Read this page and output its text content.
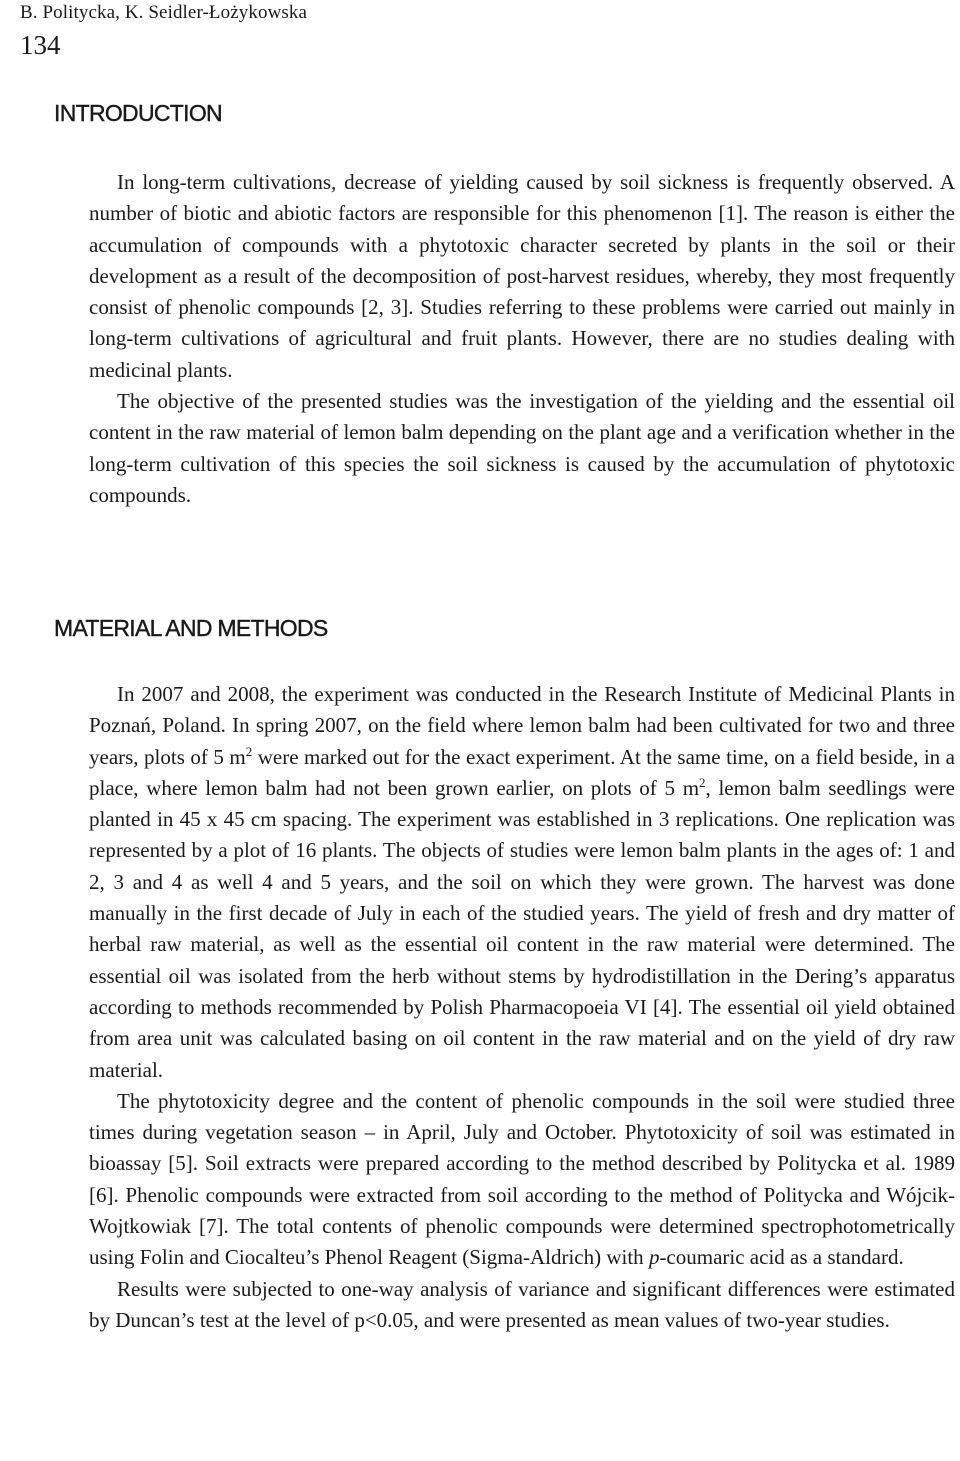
B. Politycka, K. Seidler-Łożykowska
134
INTRODUCTION

In long-term cultivations, decrease of yielding caused by soil sickness is frequently observed. A number of biotic and abiotic factors are responsible for this phenomenon [1]. The reason is either the accumulation of compounds with a phytotoxic character secreted by plants in the soil or their development as a result of the decomposition of post-harvest residues, whereby, they most frequently consist of phenolic compounds [2, 3]. Studies referring to these problems were carried out mainly in long-term cultivations of agricultural and fruit plants. However, there are no studies dealing with medicinal plants.

The objective of the presented studies was the investigation of the yielding and the essential oil content in the raw material of lemon balm depending on the plant age and a verification whether in the long-term cultivation of this species the soil sickness is caused by the accumulation of phytotoxic compounds.

MATERIAL AND METHODS

In 2007 and 2008, the experiment was conducted in the Research Institute of Medicinal Plants in Poznań, Poland. In spring 2007, on the field where lemon balm had been cultivated for two and three years, plots of 5 $m^2$ were marked out for the exact experiment. At the same time, on a field beside, in a place, where lemon balm had not been grown earlier, on plots of 5 $m^2$, lemon balm seedlings were planted in 45 x 45 cm spacing. The experiment was established in 3 replications. One replication was represented by a plot of 16 plants. The objects of studies were lemon balm plants in the ages of: 1 and 2, 3 and 4 as well 4 and 5 years, and the soil on which they were grown. The harvest was done manually in the first decade of July in each of the studied years. The yield of fresh and dry matter of herbal raw material, as well as the essential oil content in the raw material were determined. The essential oil was isolated from the herb without stems by hydrodistillation in the Dering’s apparatus according to methods recommended by Polish Pharmacopoeia VI [4]. The essential oil yield obtained from area unit was calculated basing on oil content in the raw material and on the yield of dry raw material.

The phytotoxicity degree and the content of phenolic compounds in the soil were studied three times during vegetation season – in April, July and October. Phytotoxicity of soil was estimated in bioassay [5]. Soil extracts were prepared according to the method described by Politycka et al. 1989 [6]. Phenolic compounds were extracted from soil according to the method of Politycka and Wójcik-Wojtkowiak [7]. The total contents of phenolic compounds were determined spectrophotometrically using Folin and Ciocalteu’s Phenol Reagent (Sigma-Aldrich) with p-coumaric acid as a standard.

Results were subjected to one-way analysis of variance and significant differences were estimated by Duncan’s test at the level of p<0.05, and were presented as mean values of two-year studies.
